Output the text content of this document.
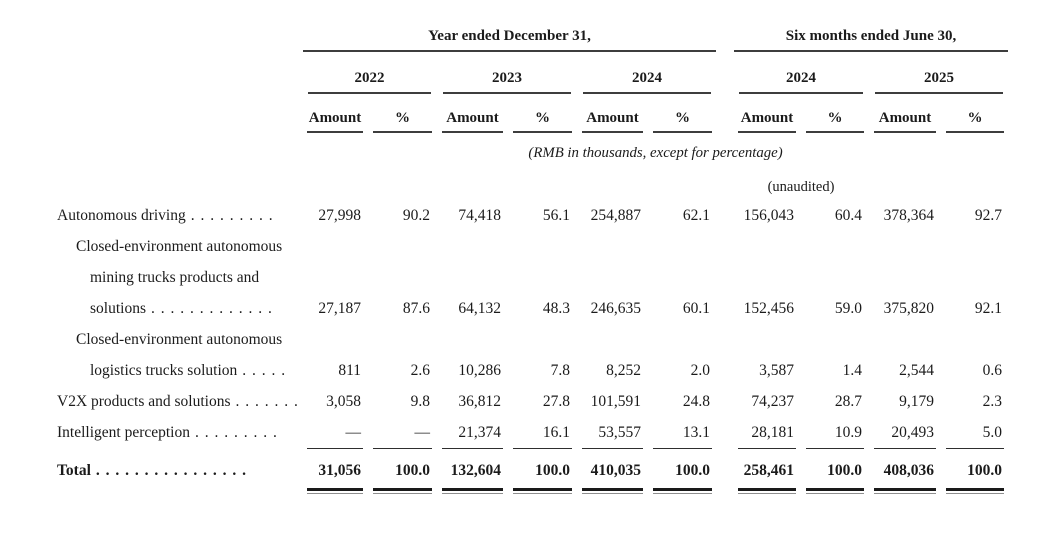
	Year ended December 31,							Six months ended June 30,			

	2022		2023		2024			2024		2025	

	Amount	%	Amount	%	Amount	%		Amount	%	Amount	%

	(RMB in thousands, except for percentage)										
								(unaudited)			
Autonomous driving . . . . . . . . .	27,998	90.2	74,418	56.1	254,887	62.1		156,043	60.4	378,364	92.7
Closed-environment autonomous											
mining trucks products and											
solutions . . . . . . . . . . . . .	27,187	87.6	64,132	48.3	246,635	60.1		152,456	59.0	375,820	92.1
Closed-environment autonomous											
logistics trucks solution . . . . .	811	2.6	10,286	7.8	8,252	2.0		3,587	1.4	2,544	0.6
V2X products and solutions . . . . . . .	3,058	9.8	36,812	27.8	101,591	24.8		74,237	28.7	9,179	2.3
Intelligent perception . . . . . . . . .	—	—	21,374	16.1	53,557	13.1		28,181	10.9	20,493	5.0

Total . . . . . . . . . . . . . . . .	31,056	100.0	132,604	100.0	410,035	100.0		258,461	100.0	408,036	100.0
